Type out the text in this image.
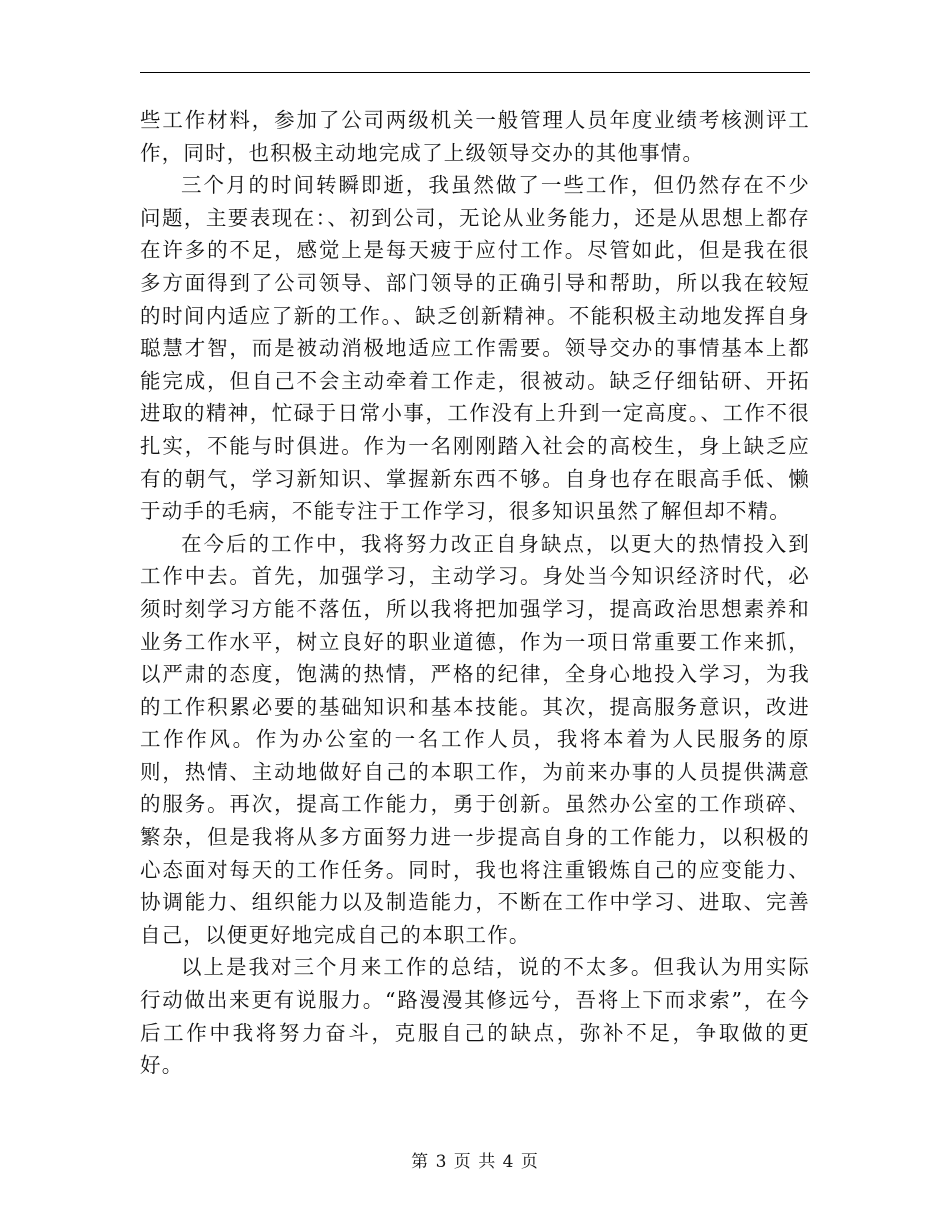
些工作材料，参加了公司两级机关一般管理人员年度业绩考核测评工作，同时，也积极主动地完成了上级领导交办的其他事情。

三个月的时间转瞬即逝，我虽然做了一些工作，但仍然存在不少问题，主要表现在：、初到公司，无论从业务能力，还是从思想上都存在许多的不足，感觉上是每天疲于应付工作。尽管如此，但是我在很多方面得到了公司领导、部门领导的正确引导和帮助，所以我在较短的时间内适应了新的工作。、缺乏创新精神。不能积极主动地发挥自身聪慧才智，而是被动消极地适应工作需要。领导交办的事情基本上都能完成，但自己不会主动牵着工作走，很被动。缺乏仔细钻研、开拓进取的精神，忙碌于日常小事，工作没有上升到一定高度。、工作不很扎实，不能与时俱进。作为一名刚刚踏入社会的高校生，身上缺乏应有的朝气，学习新知识、掌握新东西不够。自身也存在眼高手低、懒于动手的毛病，不能专注于工作学习，很多知识虽然了解但却不精。

在今后的工作中，我将努力改正自身缺点，以更大的热情投入到工作中去。首先，加强学习，主动学习。身处当今知识经济时代，必须时刻学习方能不落伍，所以我将把加强学习，提高政治思想素养和业务工作水平，树立良好的职业道德，作为一项日常重要工作来抓，以严肃的态度，饱满的热情，严格的纪律，全身心地投入学习，为我的工作积累必要的基础知识和基本技能。其次，提高服务意识，改进工作作风。作为办公室的一名工作人员，我将本着为人民服务的原则，热情、主动地做好自己的本职工作，为前来办事的人员提供满意的服务。再次，提高工作能力，勇于创新。虽然办公室的工作琐碎、繁杂，但是我将从多方面努力进一步提高自身的工作能力，以积极的心态面对每天的工作任务。同时，我也将注重锻炼自己的应变能力、协调能力、组织能力以及制造能力，不断在工作中学习、进取、完善自己，以便更好地完成自己的本职工作。

以上是我对三个月来工作的总结，说的不太多。但我认为用实际行动做出来更有说服力。“路漫漫其修远兮，吾将上下而求索”，在今后工作中我将努力奋斗，克服自己的缺点，弥补不足，争取做的更好。

第 3 页 共 4 页
